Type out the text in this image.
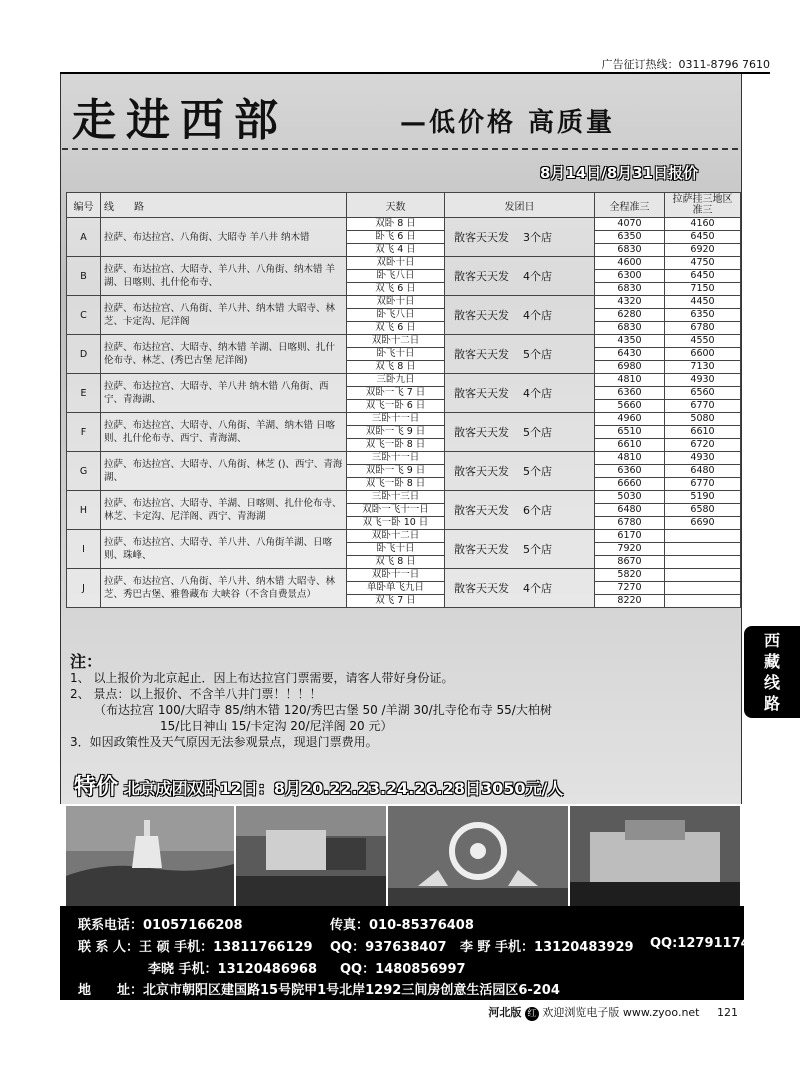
广告征订热线：0311-8796 7610
走进西部	—低价格 高质量
8月14日/8月31日报价
编号	线　　路	天数	发团日	全程准三	拉萨挂三地区准三
A	拉萨、布达拉宫、八角街、大昭寺 羊八井 纳木错	双卧 8 日	散客天天发 3个店	4070	4160
		卧飞 6 日		6350	6450
		双飞 4 日		6830	6920
B	拉萨、布达拉宫、大昭寺、羊八井、八角街、纳木错 羊湖、日喀则、扎什伦布寺、	双卧十日	散客天天发 4个店	4600	4750
		卧飞八日		6300	6450
		双飞 6 日		6830	7150
C	拉萨、布达拉宫、八角街、羊八井、纳木错 大昭寺、林芝、卡定沟、尼洋阁	双卧十日	散客天天发 4个店	4320	4450
		卧飞八日		6280	6350
		双飞 6 日		6830	6780
D	拉萨、布达拉宫、大昭寺、纳木错 羊湖、日喀则、扎什伦布寺、林芝、(秀巴古堡 尼洋阁)	双卧十二日	散客天天发 5个店	4350	4550
		卧飞十日		6430	6600
		双飞 8 日		6980	7130
E	拉萨、布达拉宫、大昭寺、羊八井 纳木错 八角街、西宁、青海湖、	三卧九日	散客天天发 4个店	4810	4930
		双卧一飞 7 日		6360	6560
		双飞一卧 6 日		5660	6770
F	拉萨、布达拉宫、大昭寺、八角街、羊湖、纳木错 日喀则、扎什伦布寺、西宁、青海湖、	三卧十一日	散客天天发 5个店	4960	5080
		双卧一飞 9 日		6510	6610
		双飞一卧 8 日		6610	6720
G	拉萨、布达拉宫、大昭寺、八角街、林芝 ()、西宁、青海湖、	三卧十一日	散客天天发 5个店	4810	4930
		双卧一飞 9 日		6360	6480
		双飞一卧 8 日		6660	6770
H	拉萨、布达拉宫、大昭寺、羊湖、日喀则、扎什伦布寺、林芝、卡定沟、尼洋阁、西宁、青海湖	三卧十三日	散客天天发 6个店	5030	5190
		双卧一飞十一日		6480	6580
		双飞一卧 10 日		6780	6690
I	拉萨、布达拉宫、大昭寺、羊八井、八角街羊湖、日喀则、珠峰、	双卧十二日	散客天天发 5个店	6170	
		卧飞十日		7920	
		双飞 8 日		8670	
J	拉萨、布达拉宫、八角街、羊八井、纳木错 大昭寺、林芝、秀巴古堡、雅鲁藏布 大峡谷（不含自费景点）	双卧十一日	散客天天发 4个店	5820	
		单卧单飞九日		7270	
		双飞 7 日		8220	
注：
1、 以上报价为北京起止．因上布达拉宫门票需要，请客人带好身份证。
2、 景点：以上报价、不含羊八井门票！！！！
（布达拉宫 100/大昭寺 85/纳木错 120/秀巴古堡 50 /羊湖 30/扎寺伦布寺 55/大柏树
15/比日神山 15/卡定沟 20/尼洋阁 20 元）
3．如因政策性及天气原因无法参观景点，现退门票费用。
特价 北京成团双卧12日：8月20.22.23.24.26.28日3050元/人
联系电话：01057166208	传真：010-85376408
联 系 人：王 硕 手机：13811766129 QQ：937638407 李 野 手机：13120483929 QQ:1279117447
李晓 手机：13120486968 QQ：1480856997
地　　址：北京市朝阳区建国路15号院甲1号北岸1292三间房创意生活园区6-204
河北版 红 欢迎浏览电子版 www.zyoo.net 121
西
藏
线
路
